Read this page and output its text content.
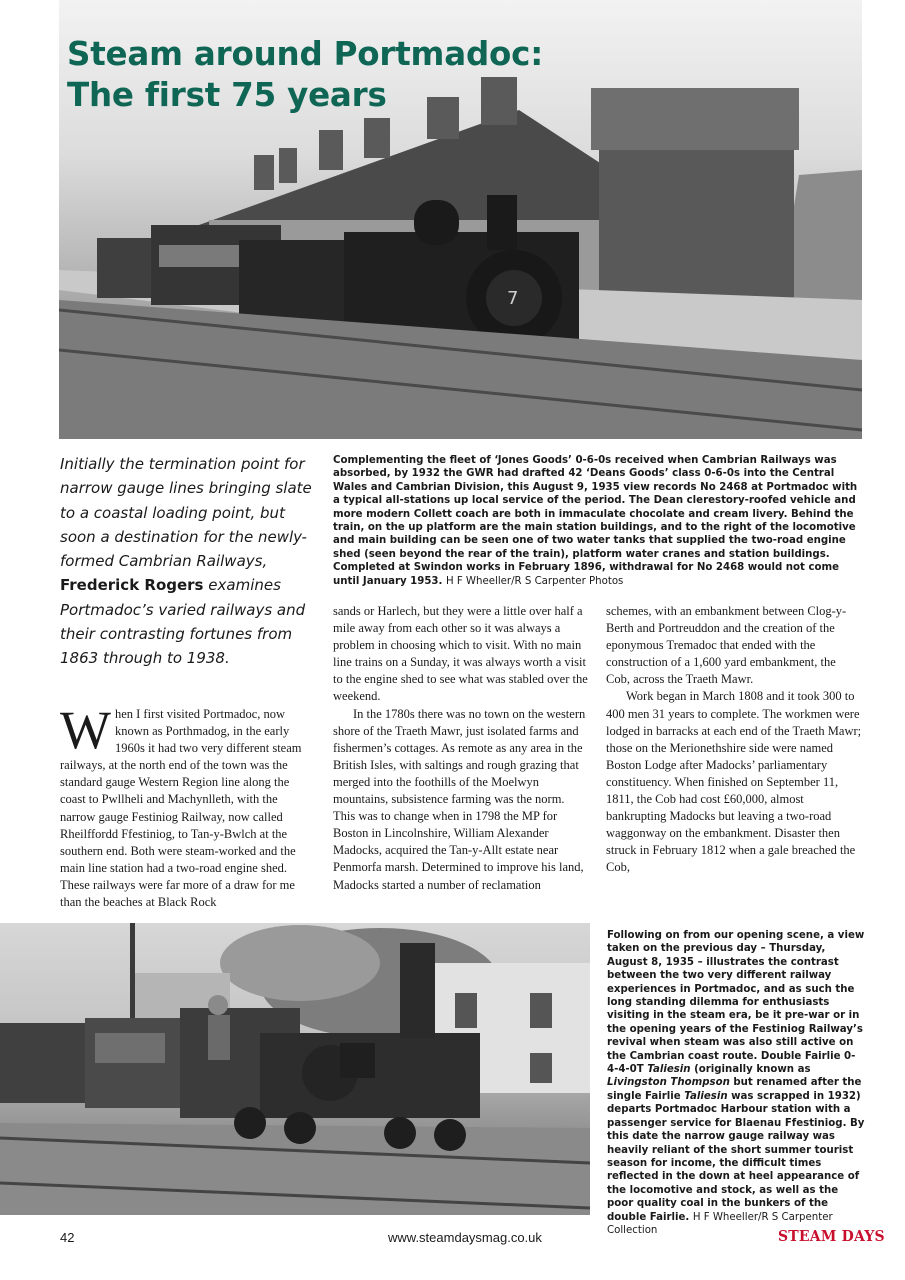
7
Steam around Portmadoc:
The first 75 years
Initially the termination point for narrow gauge lines bringing slate to a coastal loading point, but soon a destination for the newly-formed Cambrian Railways,
Frederick Rogers examines Portmadoc’s varied railways and their contrasting fortunes from 1863 through to 1938.
Complementing the fleet of ‘Jones Goods’ 0-6-0s received when Cambrian Railways was absorbed, by 1932 the GWR had drafted 42 ‘Deans Goods’ class 0-6-0s into the Central Wales and Cambrian Division, this August 9, 1935 view records No 2468 at Portmadoc with a typical all-stations up local service of the period. The Dean clerestory-roofed vehicle and more modern Collett coach are both in immaculate chocolate and cream livery. Behind the train, on the up platform are the main station buildings, and to the right of the locomotive and main building can be seen one of two water tanks that supplied the two-road engine shed (seen beyond the rear of the train), platform water cranes and station buildings. Completed at Swindon works in February 1896, withdrawal for No 2468 would not come until January 1953. H F Wheeller/R S Carpenter Photos

When I first visited Portmadoc, now known as Porthmadog, in the early 1960s it had two very different steam railways, at the north end of the town was the standard gauge Western Region line along the coast to Pwllheli and Machynlleth, with the narrow gauge Festiniog Railway, now called Rheilffordd Ffestiniog, to Tan-y-Bwlch at the southern end. Both were steam-worked and the main line station had a two-road engine shed. These railways were far more of a draw for me than the beaches at Black Rock

sands or Harlech, but they were a little over half a mile away from each other so it was always a problem in choosing which to visit. With no main line trains on a Sunday, it was always worth a visit to the engine shed to see what was stabled over the weekend.

In the 1780s there was no town on the western shore of the Traeth Mawr, just isolated farms and fishermen’s cottages. As remote as any area in the British Isles, with saltings and rough grazing that merged into the foothills of the Moelwyn mountains, subsistence farming was the norm. This was to change when in 1798 the MP for Boston in Lincolnshire, William Alexander Madocks, acquired the Tan-y-Allt estate near Penmorfa marsh. Determined to improve his land, Madocks started a number of reclamation

schemes, with an embankment between Clog-y-Berth and Portreuddon and the creation of the eponymous Tremadoc that ended with the construction of a 1,600 yard embankment, the Cob, across the Traeth Mawr.

Work began in March 1808 and it took 300 to 400 men 31 years to complete. The workmen were lodged in barracks at each end of the Traeth Mawr; those on the Merionethshire side were named Boston Lodge after Madocks’ parliamentary constituency. When finished on September 11, 1811, the Cob had cost £60,000, almost bankrupting Madocks but leaving a two-road waggonway on the embankment. Disaster then struck in February 1812 when a gale breached the Cob,

Following on from our opening scene, a view taken on the previous day – Thursday, August 8, 1935 – illustrates the contrast between the two very different railway experiences in Portmadoc, and as such the long standing dilemma for enthusiasts visiting in the steam era, be it pre-war or in the opening years of the Festiniog Railway’s revival when steam was also still active on the Cambrian coast route. Double Fairlie 0-4-4-0T Taliesin (originally known as Livingston Thompson but renamed after the single Fairlie Taliesin was scrapped in 1932) departs Portmadoc Harbour station with a passenger service for Blaenau Ffestiniog. By this date the narrow gauge railway was heavily reliant of the short summer tourist season for income, the difficult times reflected in the down at heel appearance of the locomotive and stock, as well as the poor quality coal in the bunkers of the double Fairlie. H F Wheeller/R S Carpenter Collection
42	www.steamdaysmag.co.uk	STEAM DAYS
